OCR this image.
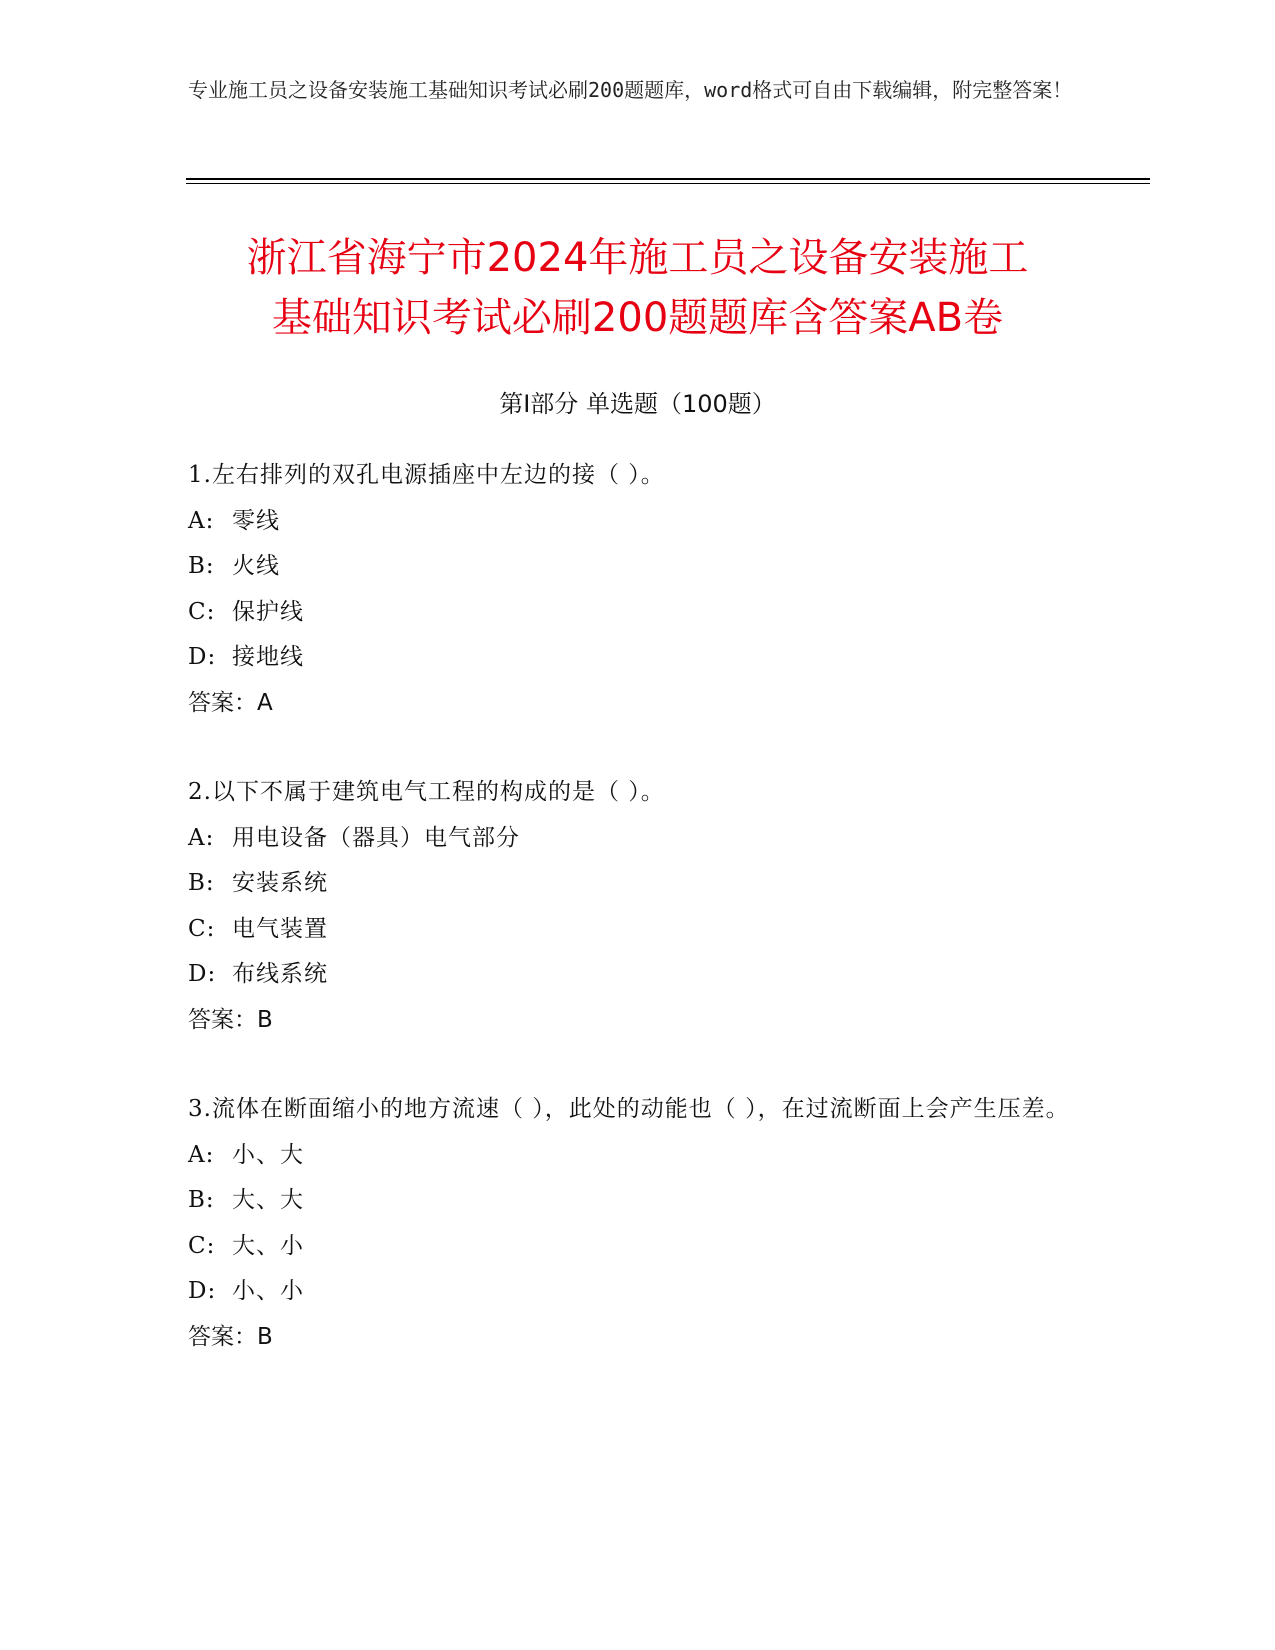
专业施工员之设备安装施工基础知识考试必刷200题题库，word格式可自由下载编辑，附完整答案！
浙江省海宁市2024年施工员之设备安装施工
基础知识考试必刷200题题库含答案AB卷
第Ⅰ部分 单选题（100题）
1.左右排列的双孔电源插座中左边的接（ ）。
A: 零线
B: 火线
C: 保护线
D: 接地线
答案：A
2.以下不属于建筑电气工程的构成的是（ ）。
A: 用电设备（器具）电气部分
B: 安装系统
C: 电气装置
D: 布线系统
答案：B
3.流体在断面缩小的地方流速（ ），此处的动能也（ ），在过流断面上会产生压差。
A: 小、大
B: 大、大
C: 大、小
D: 小、小
答案：B
